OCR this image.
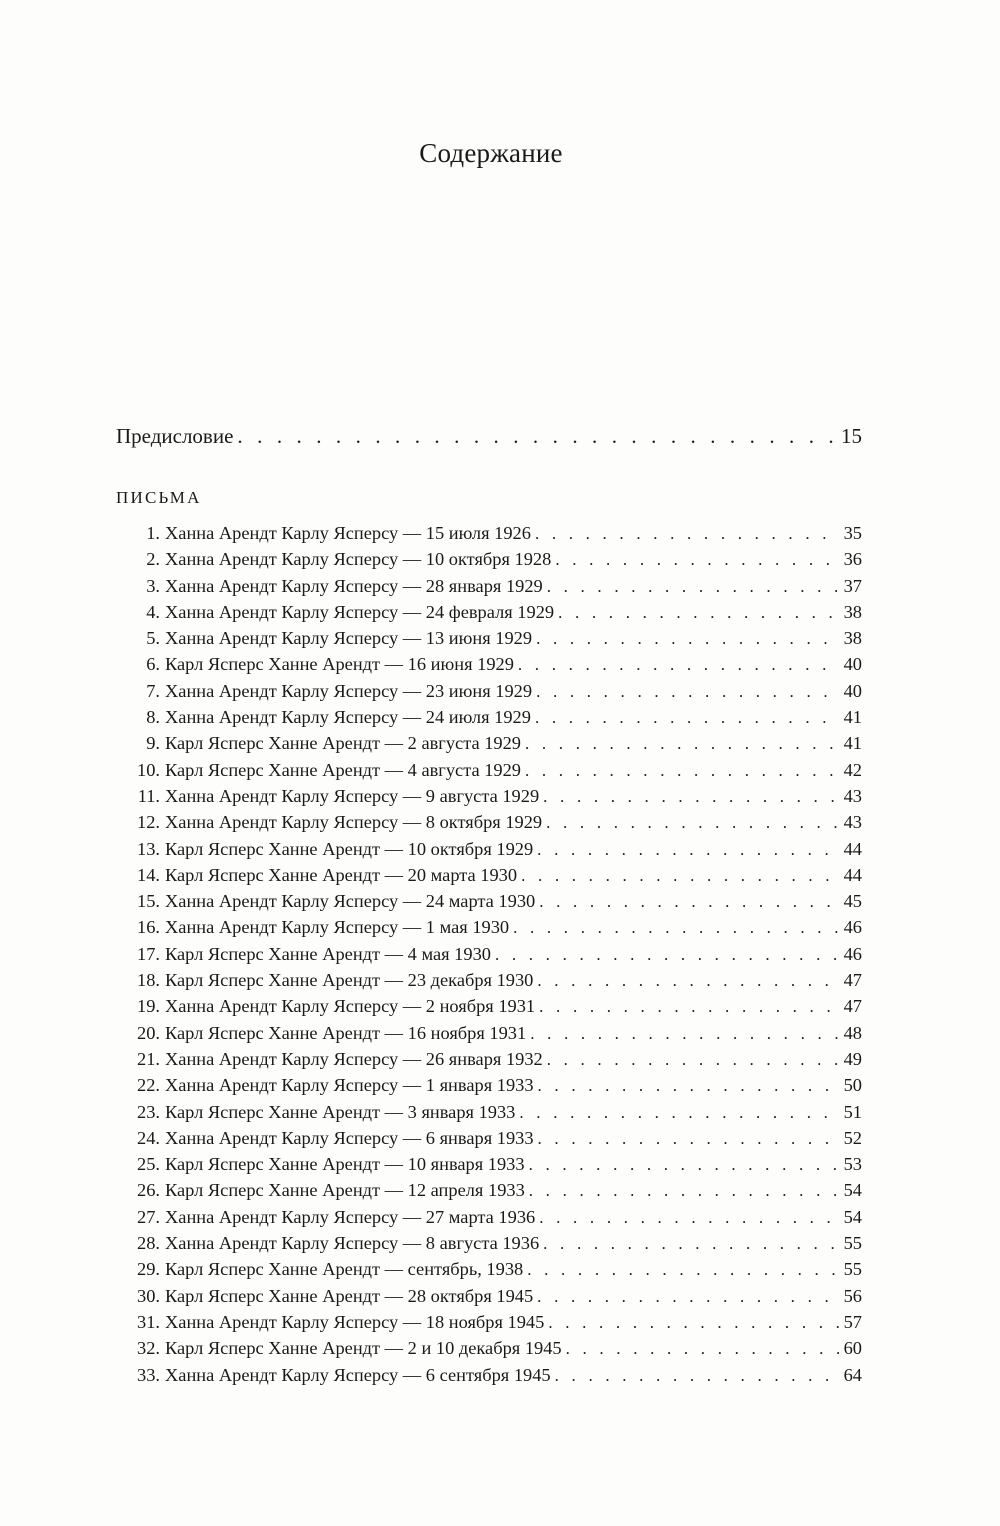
Содержание
Предисловие . . .	15
ПИСЬМА
1. Ханна Арендт Карлу Ясперсу — 15 июля 1926 . . .	35
2. Ханна Арендт Карлу Ясперсу — 10 октября 1928 . . .	36
3. Ханна Арендт Карлу Ясперсу — 28 января 1929 . . .	37
4. Ханна Арендт Карлу Ясперсу — 24 февраля 1929 . . .	38
5. Ханна Арендт Карлу Ясперсу — 13 июня 1929 . . .	38
6. Карл Ясперс Ханне Арендт — 16 июня 1929 . . .	40
7. Ханна Арендт Карлу Ясперсу — 23 июня 1929 . . .	40
8. Ханна Арендт Карлу Ясперсу — 24 июля 1929 . . .	41
9. Карл Ясперс Ханне Арендт — 2 августа 1929 . . .	41
10. Карл Ясперс Ханне Арендт — 4 августа 1929 . . .	42
11. Ханна Арендт Карлу Ясперсу — 9 августа 1929 . . .	43
12. Ханна Арендт Карлу Ясперсу — 8 октября 1929 . . .	43
13. Карл Ясперс Ханне Арендт — 10 октября 1929 . . .	44
14. Карл Ясперс Ханне Арендт — 20 марта 1930 . . .	44
15. Ханна Арендт Карлу Ясперсу — 24 марта 1930 . . .	45
16. Ханна Арендт Карлу Ясперсу — 1 мая 1930 . . .	46
17. Карл Ясперс Ханне Арендт — 4 мая 1930 . . .	46
18. Карл Ясперс Ханне Арендт — 23 декабря 1930 . . .	47
19. Ханна Арендт Карлу Ясперсу — 2 ноября 1931 . . .	47
20. Карл Ясперс Ханне Арендт — 16 ноября 1931 . . .	48
21. Ханна Арендт Карлу Ясперсу — 26 января 1932 . . .	49
22. Ханна Арендт Карлу Ясперсу — 1 января 1933 . . .	50
23. Карл Ясперс Ханне Арендт — 3 января 1933 . . .	51
24. Ханна Арендт Карлу Ясперсу — 6 января 1933 . . .	52
25. Карл Ясперс Ханне Арендт — 10 января 1933 . . .	53
26. Карл Ясперс Ханне Арендт — 12 апреля 1933 . . .	54
27. Ханна Арендт Карлу Ясперсу — 27 марта 1936 . . .	54
28. Ханна Арендт Карлу Ясперсу — 8 августа 1936 . . .	55
29. Карл Ясперс Ханне Арендт — сентябрь, 1938 . . .	55
30. Карл Ясперс Ханне Арендт — 28 октября 1945 . . .	56
31. Ханна Арендт Карлу Ясперсу — 18 ноября 1945 . . .	57
32. Карл Ясперс Ханне Арендт — 2 и 10 декабря 1945 . . .	60
33. Ханна Арендт Карлу Ясперсу — 6 сентября 1945 . . .	64
